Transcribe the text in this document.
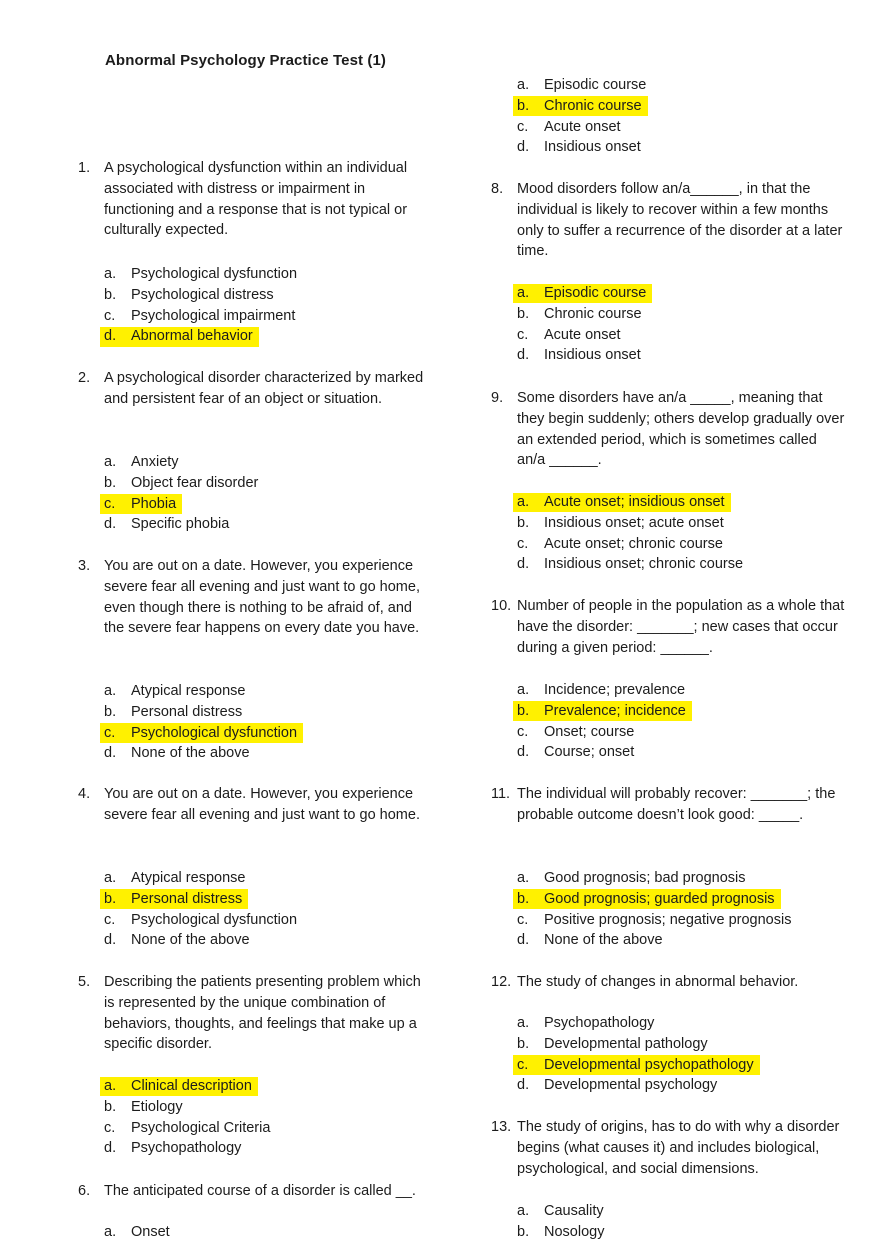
Abnormal Psychology Practice Test (1)
1. A psychological dysfunction within an individual associated with distress or impairment in functioning and a response that is not typical or culturally expected.
a.	Psychological dysfunction
b.	Psychological distress
c.	Psychological impairment
d.	Abnormal behavior
2. A psychological disorder characterized by marked and persistent fear of an object or situation.
a.	Anxiety
b.	Object fear disorder
c.	Phobia
d.	Specific phobia
3. You are out on a date. However, you experience severe fear all evening and just want to go home, even though there is nothing to be afraid of, and the severe fear happens on every date you have.
a.	Atypical response
b.	Personal distress
c.	Psychological dysfunction
d.	None of the above
4. You are out on a date. However, you experience severe fear all evening and just want to go home.
a.	Atypical response
b.	Personal distress
c.	Psychological dysfunction
d.	None of the above
5. Describing the patients presenting problem which is represented by the unique combination of behaviors, thoughts, and feelings that make up a specific disorder.
a.	Clinical description
b.	Etiology
c.	Psychological Criteria
d.	Psychopathology
6. The anticipated course of a disorder is called __.
a.	Onset
a.	Episodic course
b.	Chronic course
c.	Acute onset
d.	Insidious onset
8. Mood disorders follow an/a______, in that the individual is likely to recover within a few months only to suffer a recurrence of the disorder at a later time.
a.	Episodic course
b.	Chronic course
c.	Acute onset
d.	Insidious onset
9. Some disorders have an/a _____, meaning that they begin suddenly; others develop gradually over an extended period, which is sometimes called an/a ______.
a.	Acute onset; insidious onset
b.	Insidious onset; acute onset
c.	Acute onset; chronic course
d.	Insidious onset; chronic course
10. Number of people in the population as a whole that have the disorder: _______; new cases that occur during a given period: ______.
a.	Incidence; prevalence
b.	Prevalence; incidence
c.	Onset; course
d.	Course; onset
11. The individual will probably recover: _______; the probable outcome doesn’t look good: _____.
a.	Good prognosis; bad prognosis
b.	Good prognosis; guarded prognosis
c.	Positive prognosis; negative prognosis
d.	None of the above
12. The study of changes in abnormal behavior.
a.	Psychopathology
b.	Developmental pathology
c.	Developmental psychopathology
d.	Developmental psychology
13. The study of origins, has to do with why a disorder begins (what causes it) and includes biological, psychological, and social dimensions.
a.	Causality
b.	Nosology
